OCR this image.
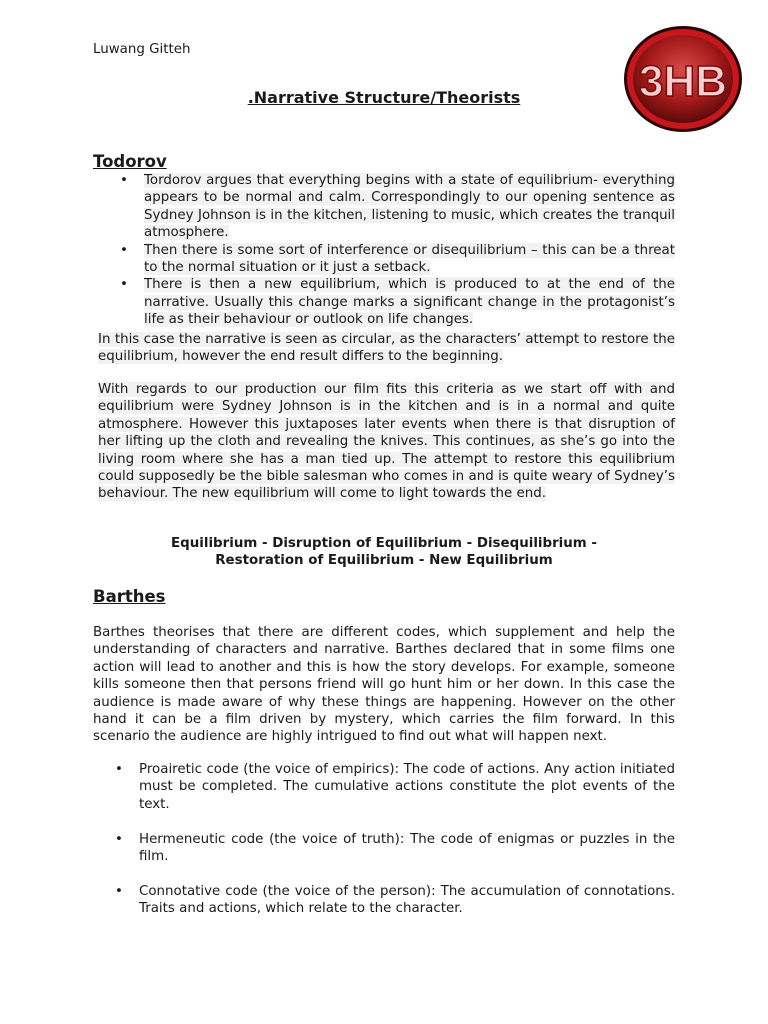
Luwang Gitteh
3HB
.Narrative Structure/Theorists
Todorov
• Tordorov argues that everything begins with a state of equilibrium- everything appears to be normal and calm. Correspondingly to our opening sentence as Sydney Johnson is in the kitchen, listening to music, which creates the tranquil atmosphere.
• Then there is some sort of interference or disequilibrium – this can be a threat to the normal situation or it just a setback.
• There is then a new equilibrium, which is produced to at the end of the narrative. Usually this change marks a significant change in the protagonist’s life as their behaviour or outlook on life changes.

In this case the narrative is seen as circular, as the characters’ attempt to restore the equilibrium, however the end result differs to the beginning.

With regards to our production our film fits this criteria as we start off with and equilibrium were Sydney Johnson is in the kitchen and is in a normal and quite atmosphere. However this juxtaposes later events when there is that disruption of her lifting up the cloth and revealing the knives. This continues, as she’s go into the living room where she has a man tied up. The attempt to restore this equilibrium could supposedly be the bible salesman who comes in and is quite weary of Sydney’s behaviour. The new equilibrium will come to light towards the end.

Equilibrium - Disruption of Equilibrium - Disequilibrium -
Restoration of Equilibrium - New Equilibrium
Barthes

Barthes theorises that there are different codes, which supplement and help the understanding of characters and narrative. Barthes declared that in some films one action will lead to another and this is how the story develops. For example, someone kills someone then that persons friend will go hunt him or her down. In this case the audience is made aware of why these things are happening. However on the other hand it can be a film driven by mystery, which carries the film forward. In this scenario the audience are highly intrigued to find out what will happen next.

• Proairetic code (the voice of empirics): The code of actions. Any action initiated must be completed. The cumulative actions constitute the plot events of the text.
• Hermeneutic code (the voice of truth): The code of enigmas or puzzles in the film.
• Connotative code (the voice of the person): The accumulation of connotations. Traits and actions, which relate to the character.
